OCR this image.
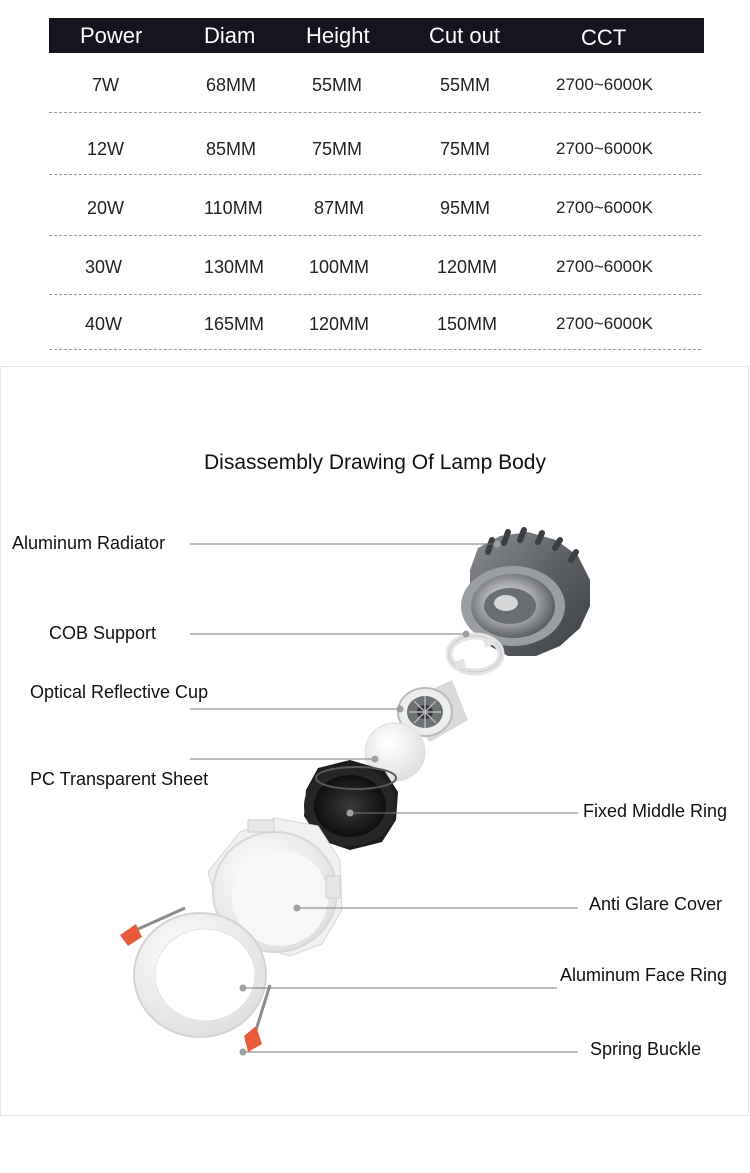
Power	Diam Height	Cut out	CCT
7W	68MM	55MM	55MM	2700~6000K
12W	85MM	75MM	75MM	2700~6000K
20W	110MM	87MM	95MM	2700~6000K
30W	130MM 100MM	120MM	2700~6000K
40W	165MM 120MM	150MM	2700~6000K
Disassembly Drawing Of Lamp Body
Aluminum Radiator
COB Support
Optical Reflective Cup
PC Transparent Sheet
Fixed Middle Ring
Anti Glare Cover
Aluminum Face Ring
Spring Buckle
